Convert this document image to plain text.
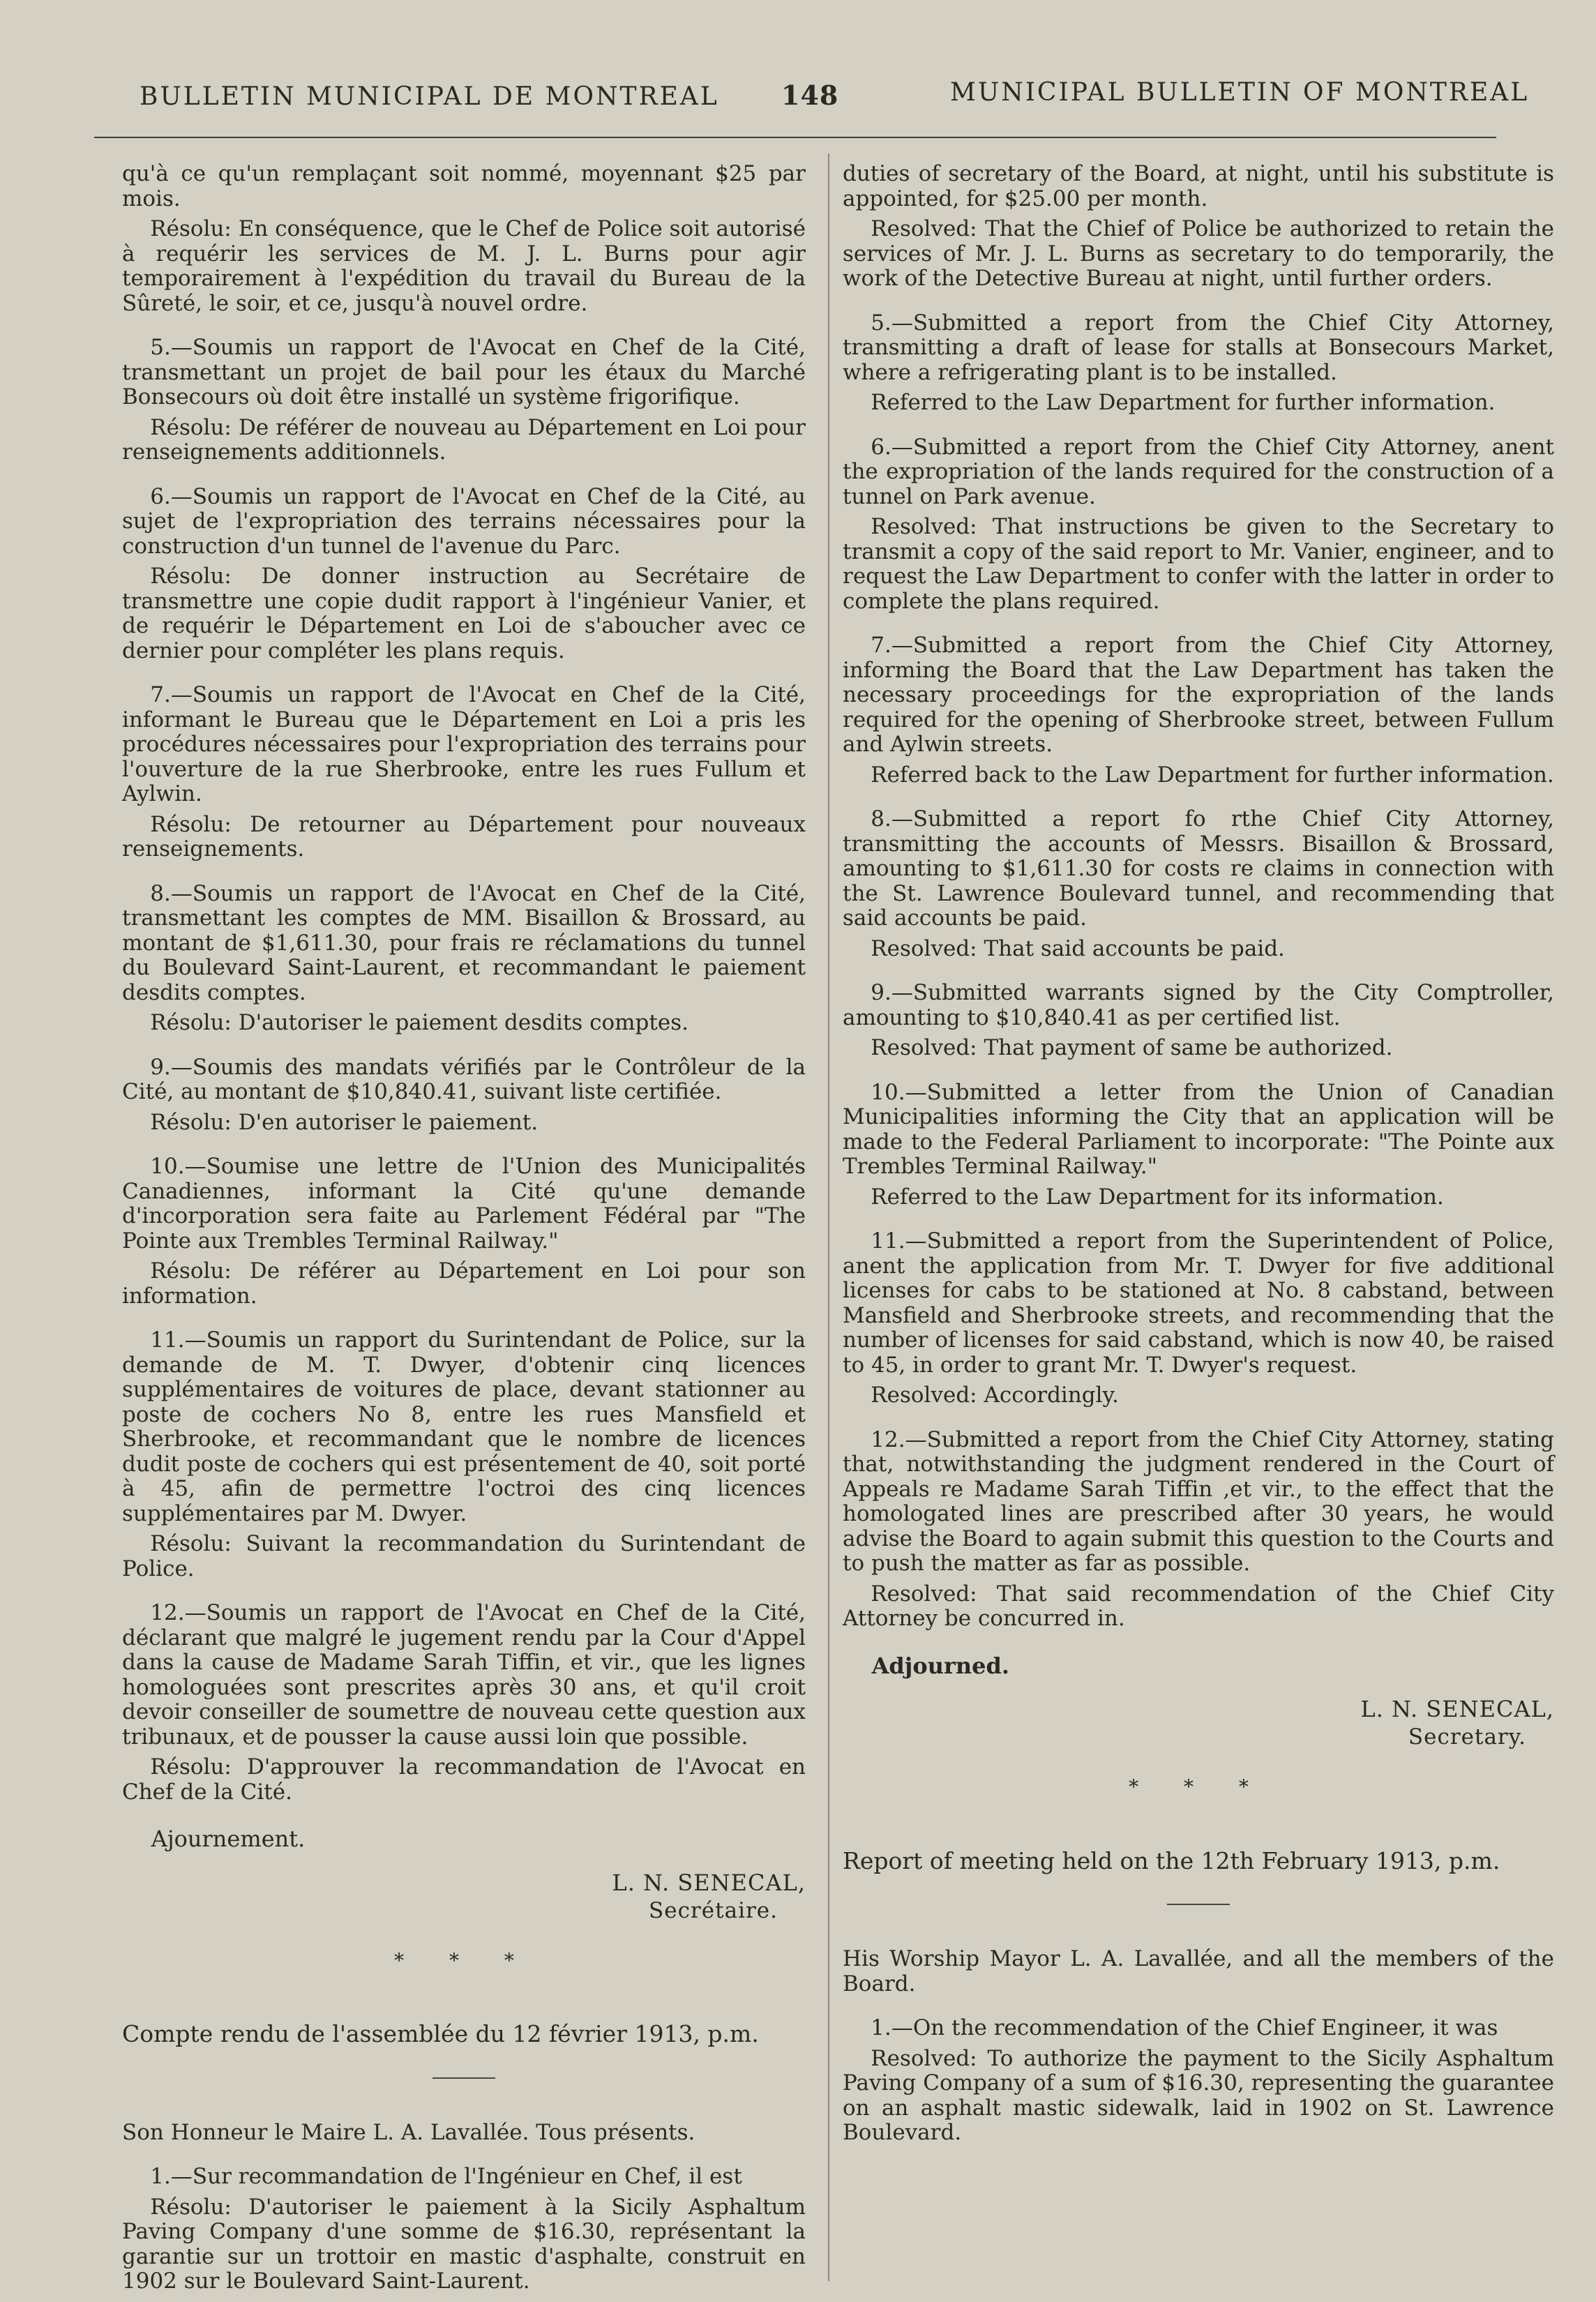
BULLETIN MUNICIPAL DE MONTREAL 148	MUNICIPAL BULLETIN OF MONTREAL

qu'à ce qu'un remplaçant soit nommé, moyennant $25 par mois.

Résolu: En conséquence, que le Chef de Police soit autorisé à requérir les services de M. J. L. Burns pour agir temporairement à l'expédition du travail du Bureau de la Sûreté, le soir, et ce, jusqu'à nouvel ordre.

5.—Soumis un rapport de l'Avocat en Chef de la Cité, transmettant un projet de bail pour les étaux du Marché Bonsecours où doit être installé un système frigorifique.

Résolu: De référer de nouveau au Département en Loi pour renseignements additionnels.

6.—Soumis un rapport de l'Avocat en Chef de la Cité, au sujet de l'expropriation des terrains nécessaires pour la construction d'un tunnel de l'avenue du Parc.

Résolu: De donner instruction au Secrétaire de transmettre une copie dudit rapport à l'ingénieur Vanier, et de requérir le Département en Loi de s'aboucher avec ce dernier pour compléter les plans requis.

7.—Soumis un rapport de l'Avocat en Chef de la Cité, informant le Bureau que le Département en Loi a pris les procédures nécessaires pour l'expropriation des terrains pour l'ouverture de la rue Sherbrooke, entre les rues Fullum et Aylwin.

Résolu: De retourner au Département pour nouveaux renseignements.

8.—Soumis un rapport de l'Avocat en Chef de la Cité, transmettant les comptes de MM. Bisaillon & Brossard, au montant de $1,611.30, pour frais re réclamations du tunnel du Boulevard Saint-Laurent, et recommandant le paiement desdits comptes.

Résolu: D'autoriser le paiement desdits comptes.

9.—Soumis des mandats vérifiés par le Contrôleur de la Cité, au montant de $10,840.41, suivant liste certifiée.

Résolu: D'en autoriser le paiement.

10.—Soumise une lettre de l'Union des Municipalités Canadiennes, informant la Cité qu'une demande d'incorporation sera faite au Parlement Fédéral par "The Pointe aux Trembles Terminal Railway."

Résolu: De référer au Département en Loi pour son information.

11.—Soumis un rapport du Surintendant de Police, sur la demande de M. T. Dwyer, d'obtenir cinq licences supplémentaires de voitures de place, devant stationner au poste de cochers No 8, entre les rues Mansfield et Sherbrooke, et recommandant que le nombre de licences dudit poste de cochers qui est présentement de 40, soit porté à 45, afin de permettre l'octroi des cinq licences supplémentaires par M. Dwyer.

Résolu: Suivant la recommandation du Surintendant de Police.

12.—Soumis un rapport de l'Avocat en Chef de la Cité, déclarant que malgré le jugement rendu par la Cour d'Appel dans la cause de Madame Sarah Tiffin, et vir., que les lignes homologuées sont prescrites après 30 ans, et qu'il croit devoir conseiller de soumettre de nouveau cette question aux tribunaux, et de pousser la cause aussi loin que possible.

Résolu: D'approuver la recommandation de l'Avocat en Chef de la Cité.

Ajournement.

L. N. SENECAL,
Secrétaire.
* * *

Compte rendu de l'assemblée du 12 février 1913, p.m.

Son Honneur le Maire L. A. Lavallée. Tous présents.

1.—Sur recommandation de l'Ingénieur en Chef, il est

Résolu: D'autoriser le paiement à la Sicily Asphaltum Paving Company d'une somme de $16.30, représentant la garantie sur un trottoir en mastic d'asphalte, construit en 1902 sur le Boulevard Saint-Laurent.

duties of secretary of the Board, at night, until his substitute is appointed, for $25.00 per month.

Resolved: That the Chief of Police be authorized to retain the services of Mr. J. L. Burns as secretary to do temporarily, the work of the Detective Bureau at night, until further orders.

5.—Submitted a report from the Chief City Attorney, transmitting a draft of lease for stalls at Bonsecours Market, where a refrigerating plant is to be installed.

Referred to the Law Department for further information.

6.—Submitted a report from the Chief City Attorney, anent the expropriation of the lands required for the construction of a tunnel on Park avenue.

Resolved: That instructions be given to the Secretary to transmit a copy of the said report to Mr. Vanier, engineer, and to request the Law Department to confer with the latter in order to complete the plans required.

7.—Submitted a report from the Chief City Attorney, informing the Board that the Law Department has taken the necessary proceedings for the expropriation of the lands required for the opening of Sherbrooke street, between Fullum and Aylwin streets.

Referred back to the Law Department for further information.

8.—Submitted a report fo rthe Chief City Attorney, transmitting the accounts of Messrs. Bisaillon & Brossard, amounting to $1,611.30 for costs re claims in connection with the St. Lawrence Boulevard tunnel, and recommending that said accounts be paid.

Resolved: That said accounts be paid.

9.—Submitted warrants signed by the City Comptroller, amounting to $10,840.41 as per certified list.

Resolved: That payment of same be authorized.

10.—Submitted a letter from the Union of Canadian Municipalities informing the City that an application will be made to the Federal Parliament to incorporate: "The Pointe aux Trembles Terminal Railway."

Referred to the Law Department for its information.

11.—Submitted a report from the Superintendent of Police, anent the application from Mr. T. Dwyer for five additional licenses for cabs to be stationed at No. 8 cabstand, between Mansfield and Sherbrooke streets, and recommending that the number of licenses for said cabstand, which is now 40, be raised to 45, in order to grant Mr. T. Dwyer's request.

Resolved: Accordingly.

12.—Submitted a report from the Chief City Attorney, stating that, notwithstanding the judgment rendered in the Court of Appeals re Madame Sarah Tiffin ,et vir., to the effect that the homologated lines are prescribed after 30 years, he would advise the Board to again submit this question to the Courts and to push the matter as far as possible.

Resolved: That said recommendation of the Chief City Attorney be concurred in.

Adjourned.

L. N. SENECAL,
Secretary.
* * *

Report of meeting held on the 12th February 1913, p.m.

His Worship Mayor L. A. Lavallée, and all the members of the Board.

1.—On the recommendation of the Chief Engineer, it was

Resolved: To authorize the payment to the Sicily Asphaltum Paving Company of a sum of $16.30, representing the guarantee on an asphalt mastic sidewalk, laid in 1902 on St. Lawrence Boulevard.
